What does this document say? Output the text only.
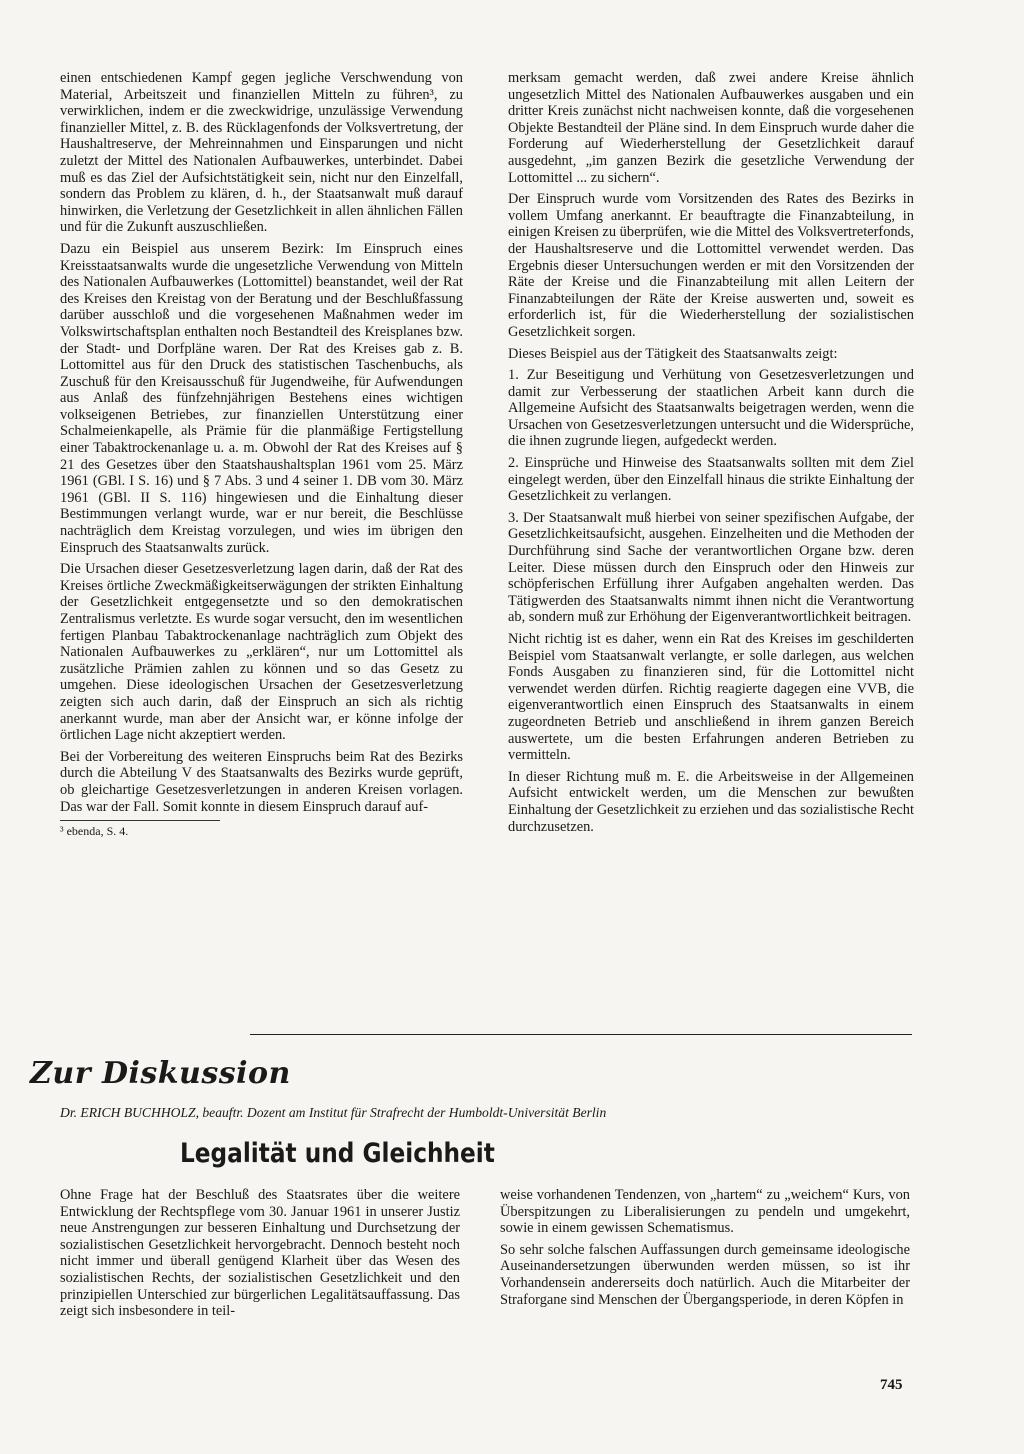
einen entschiedenen Kampf gegen jegliche Verschwendung von Material, Arbeitszeit und finanziellen Mitteln zu führen³, zu verwirklichen, indem er die zweckwidrige, unzulässige Verwendung finanzieller Mittel, z. B. des Rücklagenfonds der Volksvertretung, der Haushaltreserve, der Mehreinnahmen und Einsparungen und nicht zuletzt der Mittel des Nationalen Aufbauwerkes, unterbindet. Dabei muß es das Ziel der Aufsichtstätigkeit sein, nicht nur den Einzelfall, sondern das Problem zu klären, d. h., der Staatsanwalt muß darauf hinwirken, die Verletzung der Gesetzlichkeit in allen ähnlichen Fällen und für die Zukunft auszuschließen.

Dazu ein Beispiel aus unserem Bezirk: Im Einspruch eines Kreisstaatsanwalts wurde die ungesetzliche Verwendung von Mitteln des Nationalen Aufbauwerkes (Lottomittel) beanstandet, weil der Rat des Kreises den Kreistag von der Beratung und der Beschlußfassung darüber ausschloß und die vorgesehenen Maßnahmen weder im Volkswirtschaftsplan enthalten noch Bestandteil des Kreisplanes bzw. der Stadt- und Dorfpläne waren. Der Rat des Kreises gab z. B. Lottomittel aus für den Druck des statistischen Taschenbuchs, als Zuschuß für den Kreisausschuß für Jugendweihe, für Aufwendungen aus Anlaß des fünfzehnjährigen Bestehens eines wichtigen volkseigenen Betriebes, zur finanziellen Unterstützung einer Schalmeienkapelle, als Prämie für die planmäßige Fertigstellung einer Tabaktrockenanlage u. a. m. Obwohl der Rat des Kreises auf § 21 des Gesetzes über den Staatshaushaltsplan 1961 vom 25. März 1961 (GBl. I S. 16) und § 7 Abs. 3 und 4 seiner 1. DB vom 30. März 1961 (GBl. II S. 116) hingewiesen und die Einhaltung dieser Bestimmungen verlangt wurde, war er nur bereit, die Beschlüsse nachträglich dem Kreistag vorzulegen, und wies im übrigen den Einspruch des Staatsanwalts zurück.

Die Ursachen dieser Gesetzesverletzung lagen darin, daß der Rat des Kreises örtliche Zweckmäßigkeitserwägungen der strikten Einhaltung der Gesetzlichkeit entgegensetzte und so den demokratischen Zentralismus verletzte. Es wurde sogar versucht, den im wesentlichen fertigen Planbau Tabaktrockenanlage nachträglich zum Objekt des Nationalen Aufbauwerkes zu „erklären“, nur um Lottomittel als zusätzliche Prämien zahlen zu können und so das Gesetz zu umgehen. Diese ideologischen Ursachen der Gesetzesverletzung zeigten sich auch darin, daß der Einspruch an sich als richtig anerkannt wurde, man aber der Ansicht war, er könne infolge der örtlichen Lage nicht akzeptiert werden.

Bei der Vorbereitung des weiteren Einspruchs beim Rat des Bezirks durch die Abteilung V des Staatsanwalts des Bezirks wurde geprüft, ob gleichartige Gesetzesverletzungen in anderen Kreisen vorlagen. Das war der Fall. Somit konnte in diesem Einspruch darauf auf-

³ ebenda, S. 4.

merksam gemacht werden, daß zwei andere Kreise ähnlich ungesetzlich Mittel des Nationalen Aufbauwerkes ausgaben und ein dritter Kreis zunächst nicht nachweisen konnte, daß die vorgesehenen Objekte Bestandteil der Pläne sind. In dem Einspruch wurde daher die Forderung auf Wiederherstellung der Gesetzlichkeit darauf ausgedehnt, „im ganzen Bezirk die gesetzliche Verwendung der Lottomittel ... zu sichern“.

Der Einspruch wurde vom Vorsitzenden des Rates des Bezirks in vollem Umfang anerkannt. Er beauftragte die Finanzabteilung, in einigen Kreisen zu überprüfen, wie die Mittel des Volksvertreterfonds, der Haushaltsreserve und die Lottomittel verwendet werden. Das Ergebnis dieser Untersuchungen werden er mit den Vorsitzenden der Räte der Kreise und die Finanzabteilung mit allen Leitern der Finanzabteilungen der Räte der Kreise auswerten und, soweit es erforderlich ist, für die Wiederherstellung der sozialistischen Gesetzlichkeit sorgen.

Dieses Beispiel aus der Tätigkeit des Staatsanwalts zeigt:

1. Zur Beseitigung und Verhütung von Gesetzesverletzungen und damit zur Verbesserung der staatlichen Arbeit kann durch die Allgemeine Aufsicht des Staatsanwalts beigetragen werden, wenn die Ursachen von Gesetzesverletzungen untersucht und die Widersprüche, die ihnen zugrunde liegen, aufgedeckt werden.

2. Einsprüche und Hinweise des Staatsanwalts sollten mit dem Ziel eingelegt werden, über den Einzelfall hinaus die strikte Einhaltung der Gesetzlichkeit zu verlangen.

3. Der Staatsanwalt muß hierbei von seiner spezifischen Aufgabe, der Gesetzlichkeitsaufsicht, ausgehen. Einzelheiten und die Methoden der Durchführung sind Sache der verantwortlichen Organe bzw. deren Leiter. Diese müssen durch den Einspruch oder den Hinweis zur schöpferischen Erfüllung ihrer Aufgaben angehalten werden. Das Tätigwerden des Staatsanwalts nimmt ihnen nicht die Verantwortung ab, sondern muß zur Erhöhung der Eigenverantwortlichkeit beitragen.

Nicht richtig ist es daher, wenn ein Rat des Kreises im geschilderten Beispiel vom Staatsanwalt verlangte, er solle darlegen, aus welchen Fonds Ausgaben zu finanzieren sind, für die Lottomittel nicht verwendet werden dürfen. Richtig reagierte dagegen eine VVB, die eigenverantwortlich einen Einspruch des Staatsanwalts in einem zugeordneten Betrieb und anschließend in ihrem ganzen Bereich auswertete, um die besten Erfahrungen anderen Betrieben zu vermitteln.

In dieser Richtung muß m. E. die Arbeitsweise in der Allgemeinen Aufsicht entwickelt werden, um die Menschen zur bewußten Einhaltung der Gesetzlichkeit zu erziehen und das sozialistische Recht durchzusetzen.

Zur Diskussion
Dr. ERICH BUCHHOLZ, beauftr. Dozent am Institut für Strafrecht der Humboldt-Universität Berlin
Legalität und Gleichheit

Ohne Frage hat der Beschluß des Staatsrates über die weitere Entwicklung der Rechtspflege vom 30. Januar 1961 in unserer Justiz neue Anstrengungen zur besseren Einhaltung und Durchsetzung der sozialistischen Gesetzlichkeit hervorgebracht. Dennoch besteht noch nicht immer und überall genügend Klarheit über das Wesen des sozialistischen Rechts, der sozialistischen Gesetzlichkeit und den prinzipiellen Unterschied zur bürgerlichen Legalitätsauffassung. Das zeigt sich insbesondere in teil-

weise vorhandenen Tendenzen, von „hartem“ zu „weichem“ Kurs, von Überspitzungen zu Liberalisierungen zu pendeln und umgekehrt, sowie in einem gewissen Schematismus.

So sehr solche falschen Auffassungen durch gemeinsame ideologische Auseinandersetzungen überwunden werden müssen, so ist ihr Vorhandensein andererseits doch natürlich. Auch die Mitarbeiter der Straforgane sind Menschen der Übergangsperiode, in deren Köpfen in

745
